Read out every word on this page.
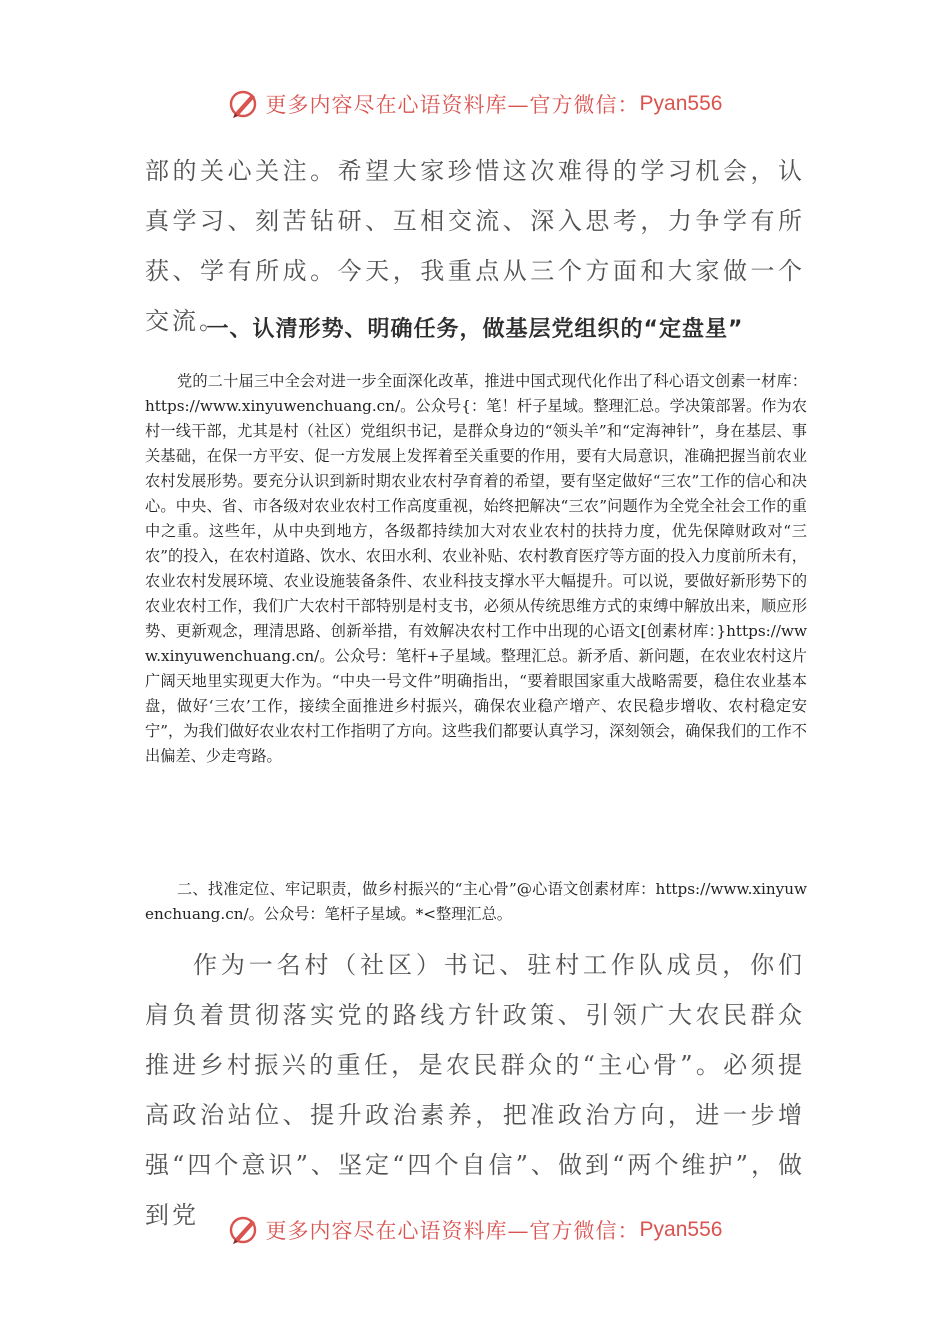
更多内容尽在心语资料库—官方微信： Pyan556

部的关心关注。希望大家珍惜这次难得的学习机会，认真学习、刻苦钻研、互相交流、深入思考，力争学有所获、学有所成。今天，我重点从三个方面和大家做一个交流。

一、认清形势、明确任务，做基层党组织的“定盘星”

党的二十届三中全会对进一步全面深化改革，推进中国式现代化作出了科心语文创素一材库：https://www.xinyuwenchuang.cn/。公众号{：笔！杆子星域。整理汇总。学决策部署。作为农村一线干部，尤其是村（社区）党组织书记，是群众身边的“领头羊”和“定海神针”，身在基层、事关基础，在保一方平安、促一方发展上发挥着至关重要的作用，要有大局意识，准确把握当前农业农村发展形势。要充分认识到新时期农业农村孕育着的希望，要有坚定做好“三农”工作的信心和决心。中央、省、市各级对农业农村工作高度重视，始终把解决“三农”问题作为全党全社会工作的重中之重。这些年，从中央到地方，各级都持续加大对农业农村的扶持力度，优先保障财政对“三农”的投入，在农村道路、饮水、农田水利、农业补贴、农村教育医疗等方面的投入力度前所未有，农业农村发展环境、农业设施装备条件、农业科技支撑水平大幅提升。可以说，要做好新形势下的农业农村工作，我们广大农村干部特别是村支书，必须从传统思维方式的束缚中解放出来，顺应形势、更新观念，理清思路、创新举措，有效解决农村工作中出现的心语文[创素材库：}https://www.xinyuwenchuang.cn/。公众号：笔杆+子星域。整理汇总。新矛盾、新问题，在农业农村这片广阔天地里实现更大作为。“中央一号文件”明确指出，“要着眼国家重大战略需要，稳住农业基本盘，做好‘三农’工作，接续全面推进乡村振兴，确保农业稳产增产、农民稳步增收、农村稳定安宁”，为我们做好农业农村工作指明了方向。这些我们都要认真学习，深刻领会，确保我们的工作不出偏差、少走弯路。

二、找准定位、牢记职责，做乡村振兴的“主心骨”@心语文创素材库：https://www.xinyuwenchuang.cn/。公众号：笔杆子星域。*<整理汇总。

作为一名村（社区）书记、驻村工作队成员，你们肩负着贯彻落实党的路线方针政策、引领广大农民群众推进乡村振兴的重任，是农民群众的“主心骨”。必须提高政治站位、提升政治素养，把准政治方向，进一步增强“四个意识”、坚定“四个自信”、做到“两个维护”，做到党

更多内容尽在心语资料库—官方微信： Pyan556
